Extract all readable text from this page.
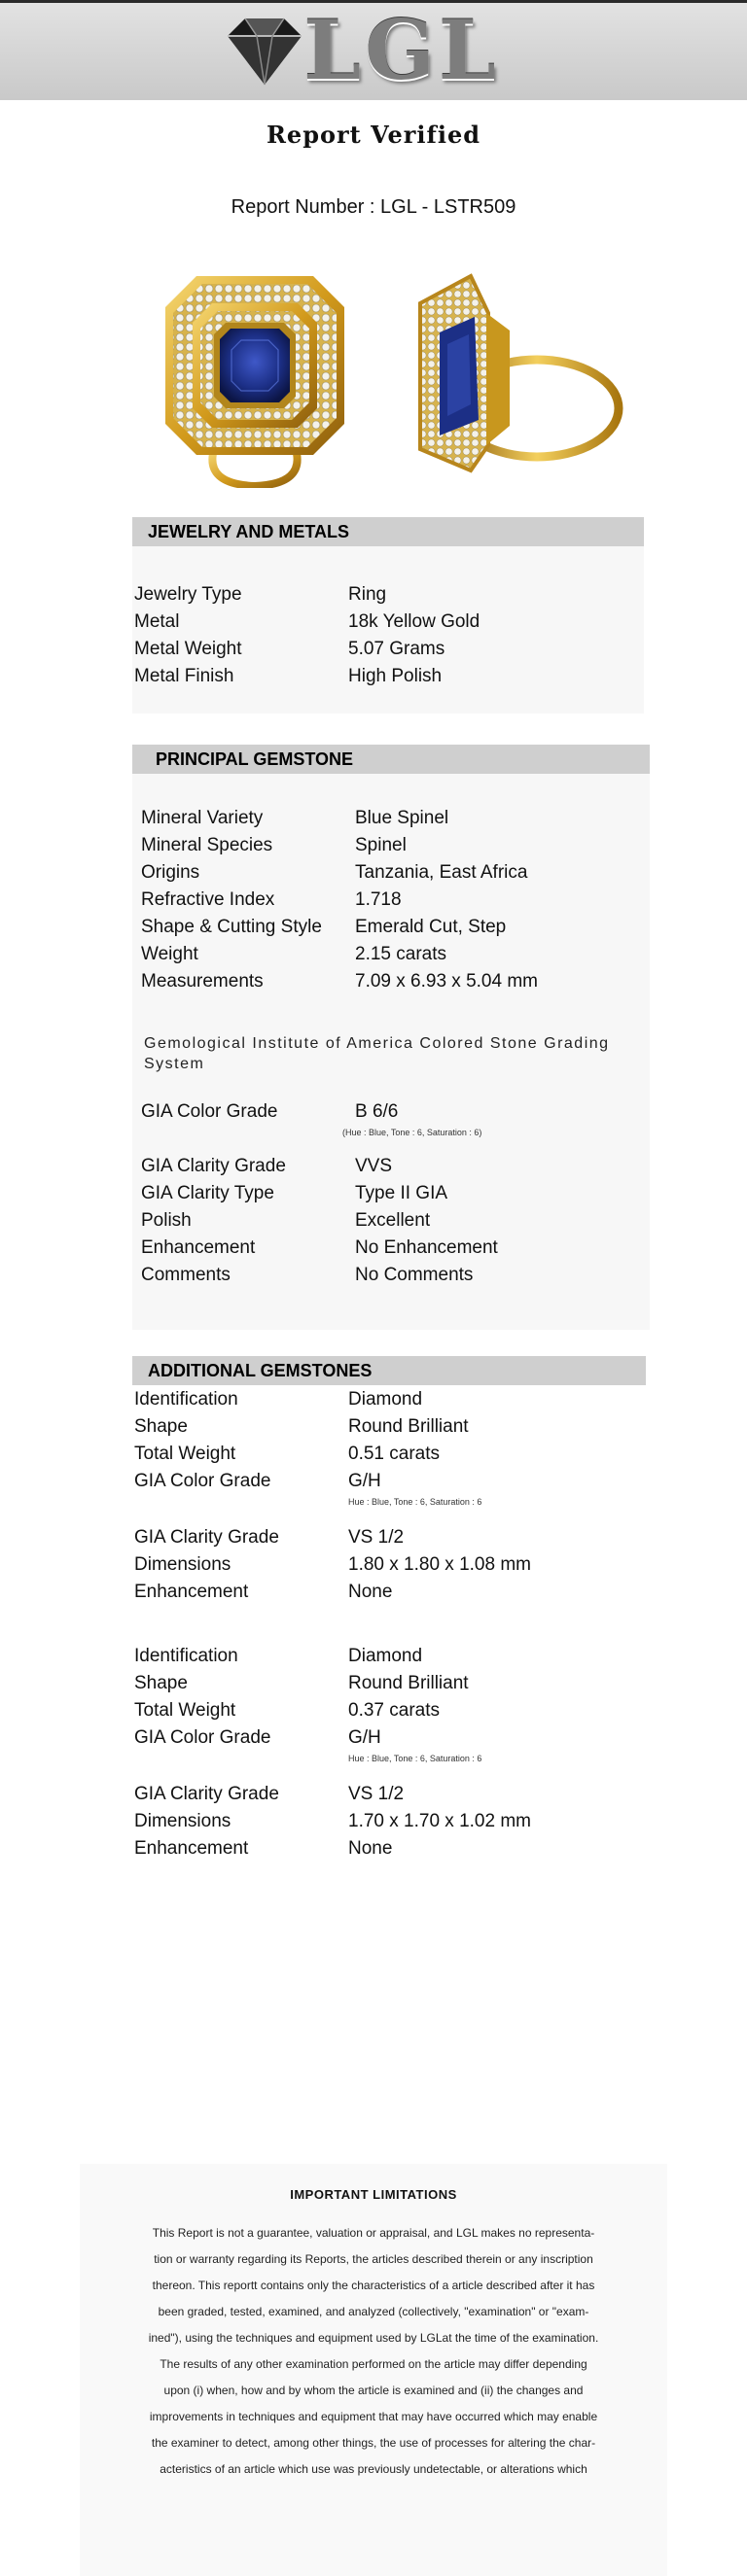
LGL
Report Verified
Report Number : LGL - LSTR509
JEWELRY AND METALS
Jewelry Type	Ring
Metal	18k Yellow Gold
Metal Weight	5.07 Grams
Metal Finish	High Polish
PRINCIPAL GEMSTONE
Mineral Variety	Blue Spinel
Mineral Species	Spinel
Origins	Tanzania, East Africa
Refractive Index	1.718
Shape & Cutting Style	Emerald Cut, Step
Weight	2.15 carats
Measurements	7.09 x 6.93 x 5.04 mm
Gemological Institute of America Colored Stone Grading System
GIA Color Grade	B 6/6
(Hue : Blue, Tone : 6, Saturation : 6)
GIA Clarity Grade	VVS
GIA Clarity Type	Type II GIA
Polish	Excellent
Enhancement	No Enhancement
Comments	No Comments
ADDITIONAL GEMSTONES
Identification	Diamond
Shape	Round Brilliant
Total Weight	0.51 carats
GIA Color Grade	G/H
Hue : Blue, Tone : 6, Saturation : 6
GIA Clarity Grade	VS 1/2
Dimensions	1.80 x 1.80 x 1.08 mm
Enhancement	None
Identification	Diamond
Shape	Round Brilliant
Total Weight	0.37 carats
GIA Color Grade	G/H
Hue : Blue, Tone : 6, Saturation : 6
GIA Clarity Grade	VS 1/2
Dimensions	1.70 x 1.70 x 1.02 mm
Enhancement	None
IMPORTANT LIMITATIONS
This Report is not a guarantee, valuation or appraisal, and LGL makes no representa-
tion or warranty regarding its Reports, the articles described therein or any inscription
thereon. This reportt contains only the characteristics of a article described after it has
been graded, tested, examined, and analyzed (collectively, "examination" or "exam-
ined"), using the techniques and equipment used by LGLat the time of the examination.
The results of any other examination performed on the article may differ depending
upon (i) when, how and by whom the article is examined and (ii) the changes and
improvements in techniques and equipment that may have occurred which may enable
the examiner to detect, among other things, the use of processes for altering the char-
acteristics of an article which use was previously undetectable, or alterations which
